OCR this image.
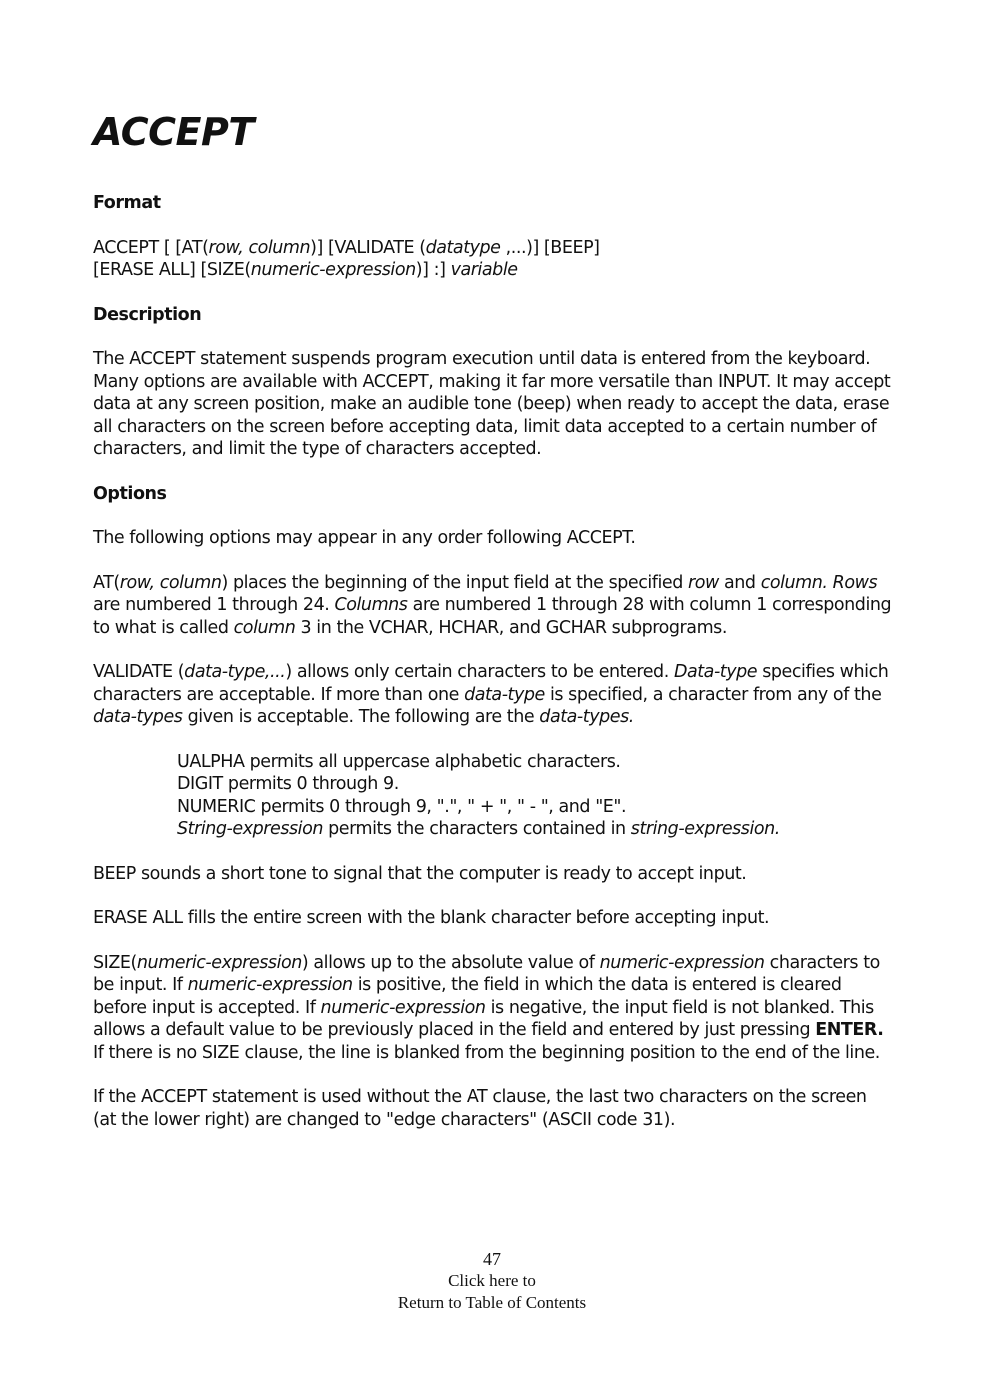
ACCEPT
Format
ACCEPT [ [AT(row, column)] [VALIDATE (datatype ,...)] [BEEP]
[ERASE ALL] [SIZE(numeric-expression)] :] variable
Description

The ACCEPT statement suspends program execution until data is entered from the keyboard. Many options are available with ACCEPT, making it far more versatile than INPUT. It may accept data at any screen position, make an audible tone (beep) when ready to accept the data, erase all characters on the screen before accepting data, limit data accepted to a certain number of characters, and limit the type of characters accepted.

Options

The following options may appear in any order following ACCEPT.

AT(row, column) places the beginning of the input field at the specified row and column. Rows are numbered 1 through 24. Columns are numbered 1 through 28 with column 1 corresponding to what is called column 3 in the VCHAR, HCHAR, and GCHAR subprograms.

VALIDATE (data-type,...) allows only certain characters to be entered. Data-type specifies which characters are acceptable. If more than one data-type is specified, a character from any of the data-types given is acceptable. The following are the data-types.

UALPHA permits all uppercase alphabetic characters.
DIGIT permits 0 through 9.
NUMERIC permits 0 through 9, ".", " + ", " - ", and "E".
String-expression permits the characters contained in string-expression.

BEEP sounds a short tone to signal that the computer is ready to accept input.

ERASE ALL fills the entire screen with the blank character before accepting input.

SIZE(numeric-expression) allows up to the absolute value of numeric-expression characters to be input. If numeric-expression is positive, the field in which the data is entered is cleared before input is accepted. If numeric-expression is negative, the input field is not blanked. This allows a default value to be previously placed in the field and entered by just pressing ENTER. If there is no SIZE clause, the line is blanked from the beginning position to the end of the line.

If the ACCEPT statement is used without the AT clause, the last two characters on the screen (at the lower right) are changed to "edge characters" (ASCII code 31).

47
Click here to
Return to Table of Contents
